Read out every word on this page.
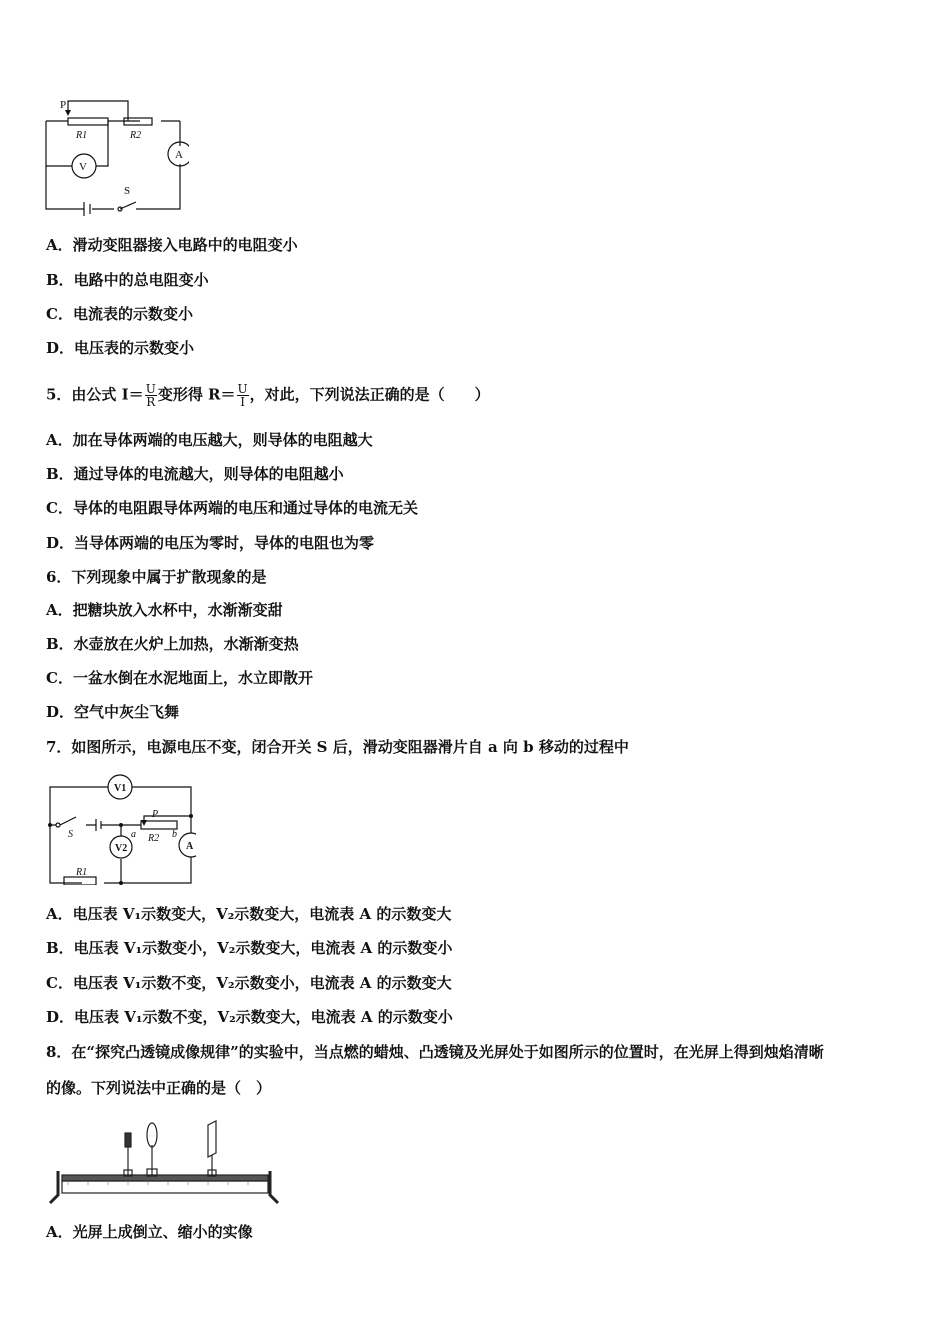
P
R1	R2
V
A
S
A．滑动变阻器接入电路中的电阻变小
B．电路中的总电阻变小
C．电流表的示数变小
D．电压表的示数变小
5．由公式 $I= \frac{U}{R}$ 变形得 $R= \frac{U}{I}$ ，对此，下列说法正确的是（　　）
A．加在导体两端的电压越大，则导体的电阻越大
B．通过导体的电流越大，则导体的电阻越小
C．导体的电阻跟导体两端的电压和通过导体的电流无关
D．当导体两端的电压为零时，导体的电阻也为零
6．下列现象中属于扩散现象的是
A．把糖块放入水杯中，水渐渐变甜
B．水壶放在火炉上加热，水渐渐变热
C．一盆水倒在水泥地面上，水立即散开
D．空气中灰尘飞舞
7．如图所示，电源电压不变，闭合开关 S 后，滑动变阻器滑片自 a 向 b 移动的过程中
V1
V2
P
R2
R1
a	b
A
S
A．电压表 V₁示数变大，V₂示数变大，电流表 A 的示数变大
B．电压表 V₁示数变小，V₂示数变大，电流表 A 的示数变小
C．电压表 V₁示数不变，V₂示数变小，电流表 A 的示数变大
D．电压表 V₁示数不变，V₂示数变大，电流表 A 的示数变小
8．在“探究凸透镜成像规律”的实验中，当点燃的蜡烛、凸透镜及光屏处于如图所示的位置时，在光屏上得到烛焰清晰
的像。下列说法中正确的是（　）
A．光屏上成倒立、缩小的实像
